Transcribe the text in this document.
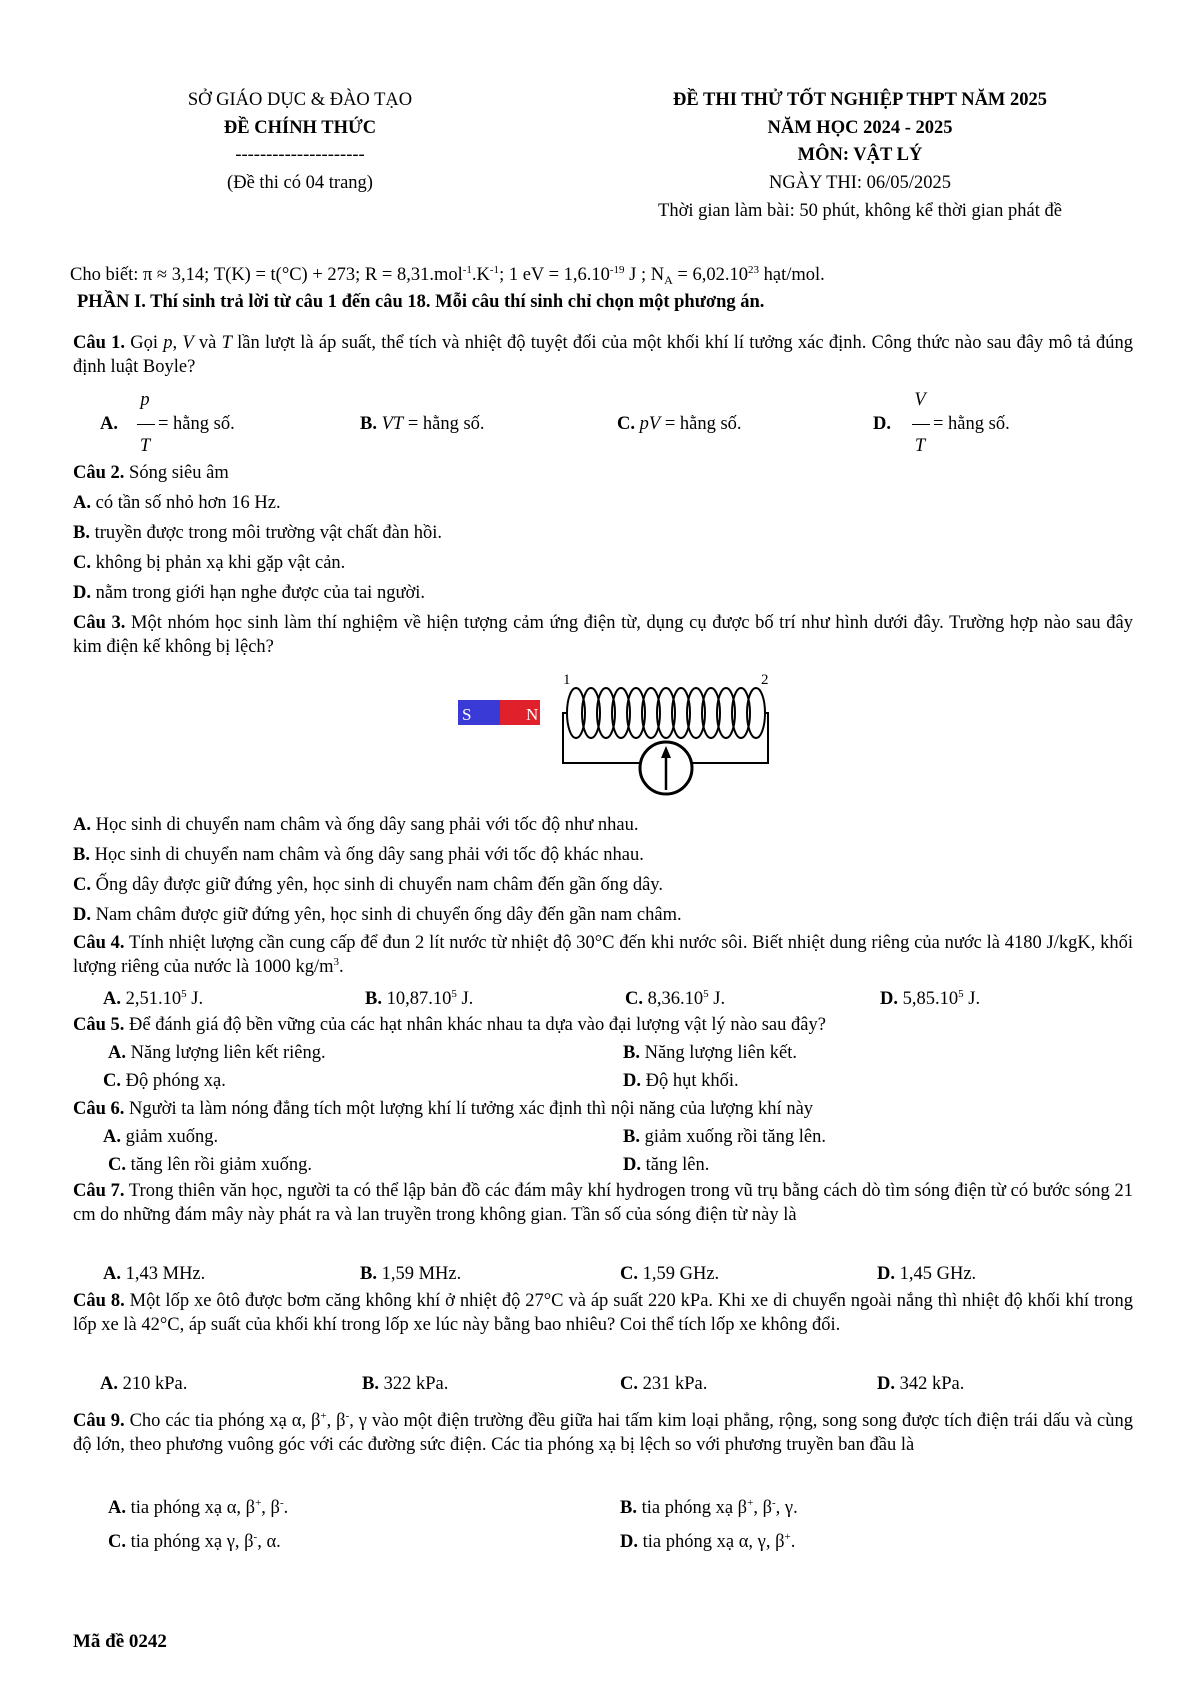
SỞ GIÁO DỤC & ĐÀO TẠO
ĐỀ CHÍNH THỨC
---------------------
(Đề thi có 04 trang)
ĐỀ THI THỬ TỐT NGHIỆP THPT NĂM 2025
NĂM HỌC 2024 - 2025
MÔN: VẬT LÝ
NGÀY THI: 06/05/2025
Thời gian làm bài: 50 phút, không kể thời gian phát đề
Cho biết: π ≈ 3,14; T(K) = t(°C) + 273; $R = 8,31.mol^{-1}.K^{-1}$; 1 eV = $1,6.10^{-19}$ J ; $N_A = 6,02.10^{23}$ hạt/mol.
PHẦN I. Thí sinh trả lời từ câu 1 đến câu 18. Mỗi câu thí sinh chỉ chọn một phương án.
Câu 1. Gọi p, V và T lần lượt là áp suất, thể tích và nhiệt độ tuyệt đối của một khối khí lí tưởng xác định. Công thức nào sau đây mô tả đúng định luật Boyle?
A.
p
T
= hằng số.	B. VT = hằng số.	C. pV = hằng số.	D.
V
T
= hằng số.
Câu 2. Sóng siêu âm
A. có tần số nhỏ hơn 16 Hz.
B. truyền được trong môi trường vật chất đàn hồi.
C. không bị phản xạ khi gặp vật cản.
D. nằm trong giới hạn nghe được của tai người.
Câu 3. Một nhóm học sinh làm thí nghiệm về hiện tượng cảm ứng điện từ, dụng cụ được bố trí như hình dưới đây. Trường hợp nào sau đây kim điện kế không bị lệch?
S	N
1	2
A. Học sinh di chuyển nam châm và ống dây sang phải với tốc độ như nhau.
B. Học sinh di chuyển nam châm và ống dây sang phải với tốc độ khác nhau.
C. Ống dây được giữ đứng yên, học sinh di chuyển nam châm đến gần ống dây.
D. Nam châm được giữ đứng yên, học sinh di chuyển ống dây đến gần nam châm.
Câu 4. Tính nhiệt lượng cần cung cấp để đun 2 lít nước từ nhiệt độ 30°C đến khi nước sôi. Biết nhiệt dung riêng của nước là 4180 J/kgK, khối lượng riêng của nước là 1000 $kg/m^3$.
A. 2,51.10$^5$ J.	B. 10,87.10$^5$ J.	C. 8,36.10$^5$ J.	D. 5,85.10$^5$ J.
Câu 5. Để đánh giá độ bền vững của các hạt nhân khác nhau ta dựa vào đại lượng vật lý nào sau đây?
A. Năng lượng liên kết riêng.	B. Năng lượng liên kết.
C. Độ phóng xạ.	D. Độ hụt khối.
Câu 6. Người ta làm nóng đẳng tích một lượng khí lí tưởng xác định thì nội năng của lượng khí này
A. giảm xuống.	B. giảm xuống rồi tăng lên.
C. tăng lên rồi giảm xuống.	D. tăng lên.
Câu 7. Trong thiên văn học, người ta có thể lập bản đồ các đám mây khí hydrogen trong vũ trụ bằng cách dò tìm sóng điện từ có bước sóng 21 cm do những đám mây này phát ra và lan truyền trong không gian. Tần số của sóng điện từ này là
A. 1,43 MHz.	B. 1,59 MHz.	C. 1,59 GHz.	D. 1,45 GHz.
Câu 8. Một lốp xe ôtô được bơm căng không khí ở nhiệt độ 27°C và áp suất 220 kPa. Khi xe di chuyển ngoài nắng thì nhiệt độ khối khí trong lốp xe là 42°C, áp suất của khối khí trong lốp xe lúc này bằng bao nhiêu? Coi thể tích lốp xe không đổi.
A. 210 kPa.	B. 322 kPa.	C. 231 kPa.	D. 342 kPa.
Câu 9. Cho các tia phóng xạ α, β+, β-, γ vào một điện trường đều giữa hai tấm kim loại phẳng, rộng, song song được tích điện trái dấu và cùng độ lớn, theo phương vuông góc với các đường sức điện. Các tia phóng xạ bị lệch so với phương truyền ban đầu là
A. tia phóng xạ α, β+, β-.	B. tia phóng xạ β+, β-, γ.
C. tia phóng xạ γ, β-, α.	D. tia phóng xạ α, γ, β+.
Mã đề 0242
